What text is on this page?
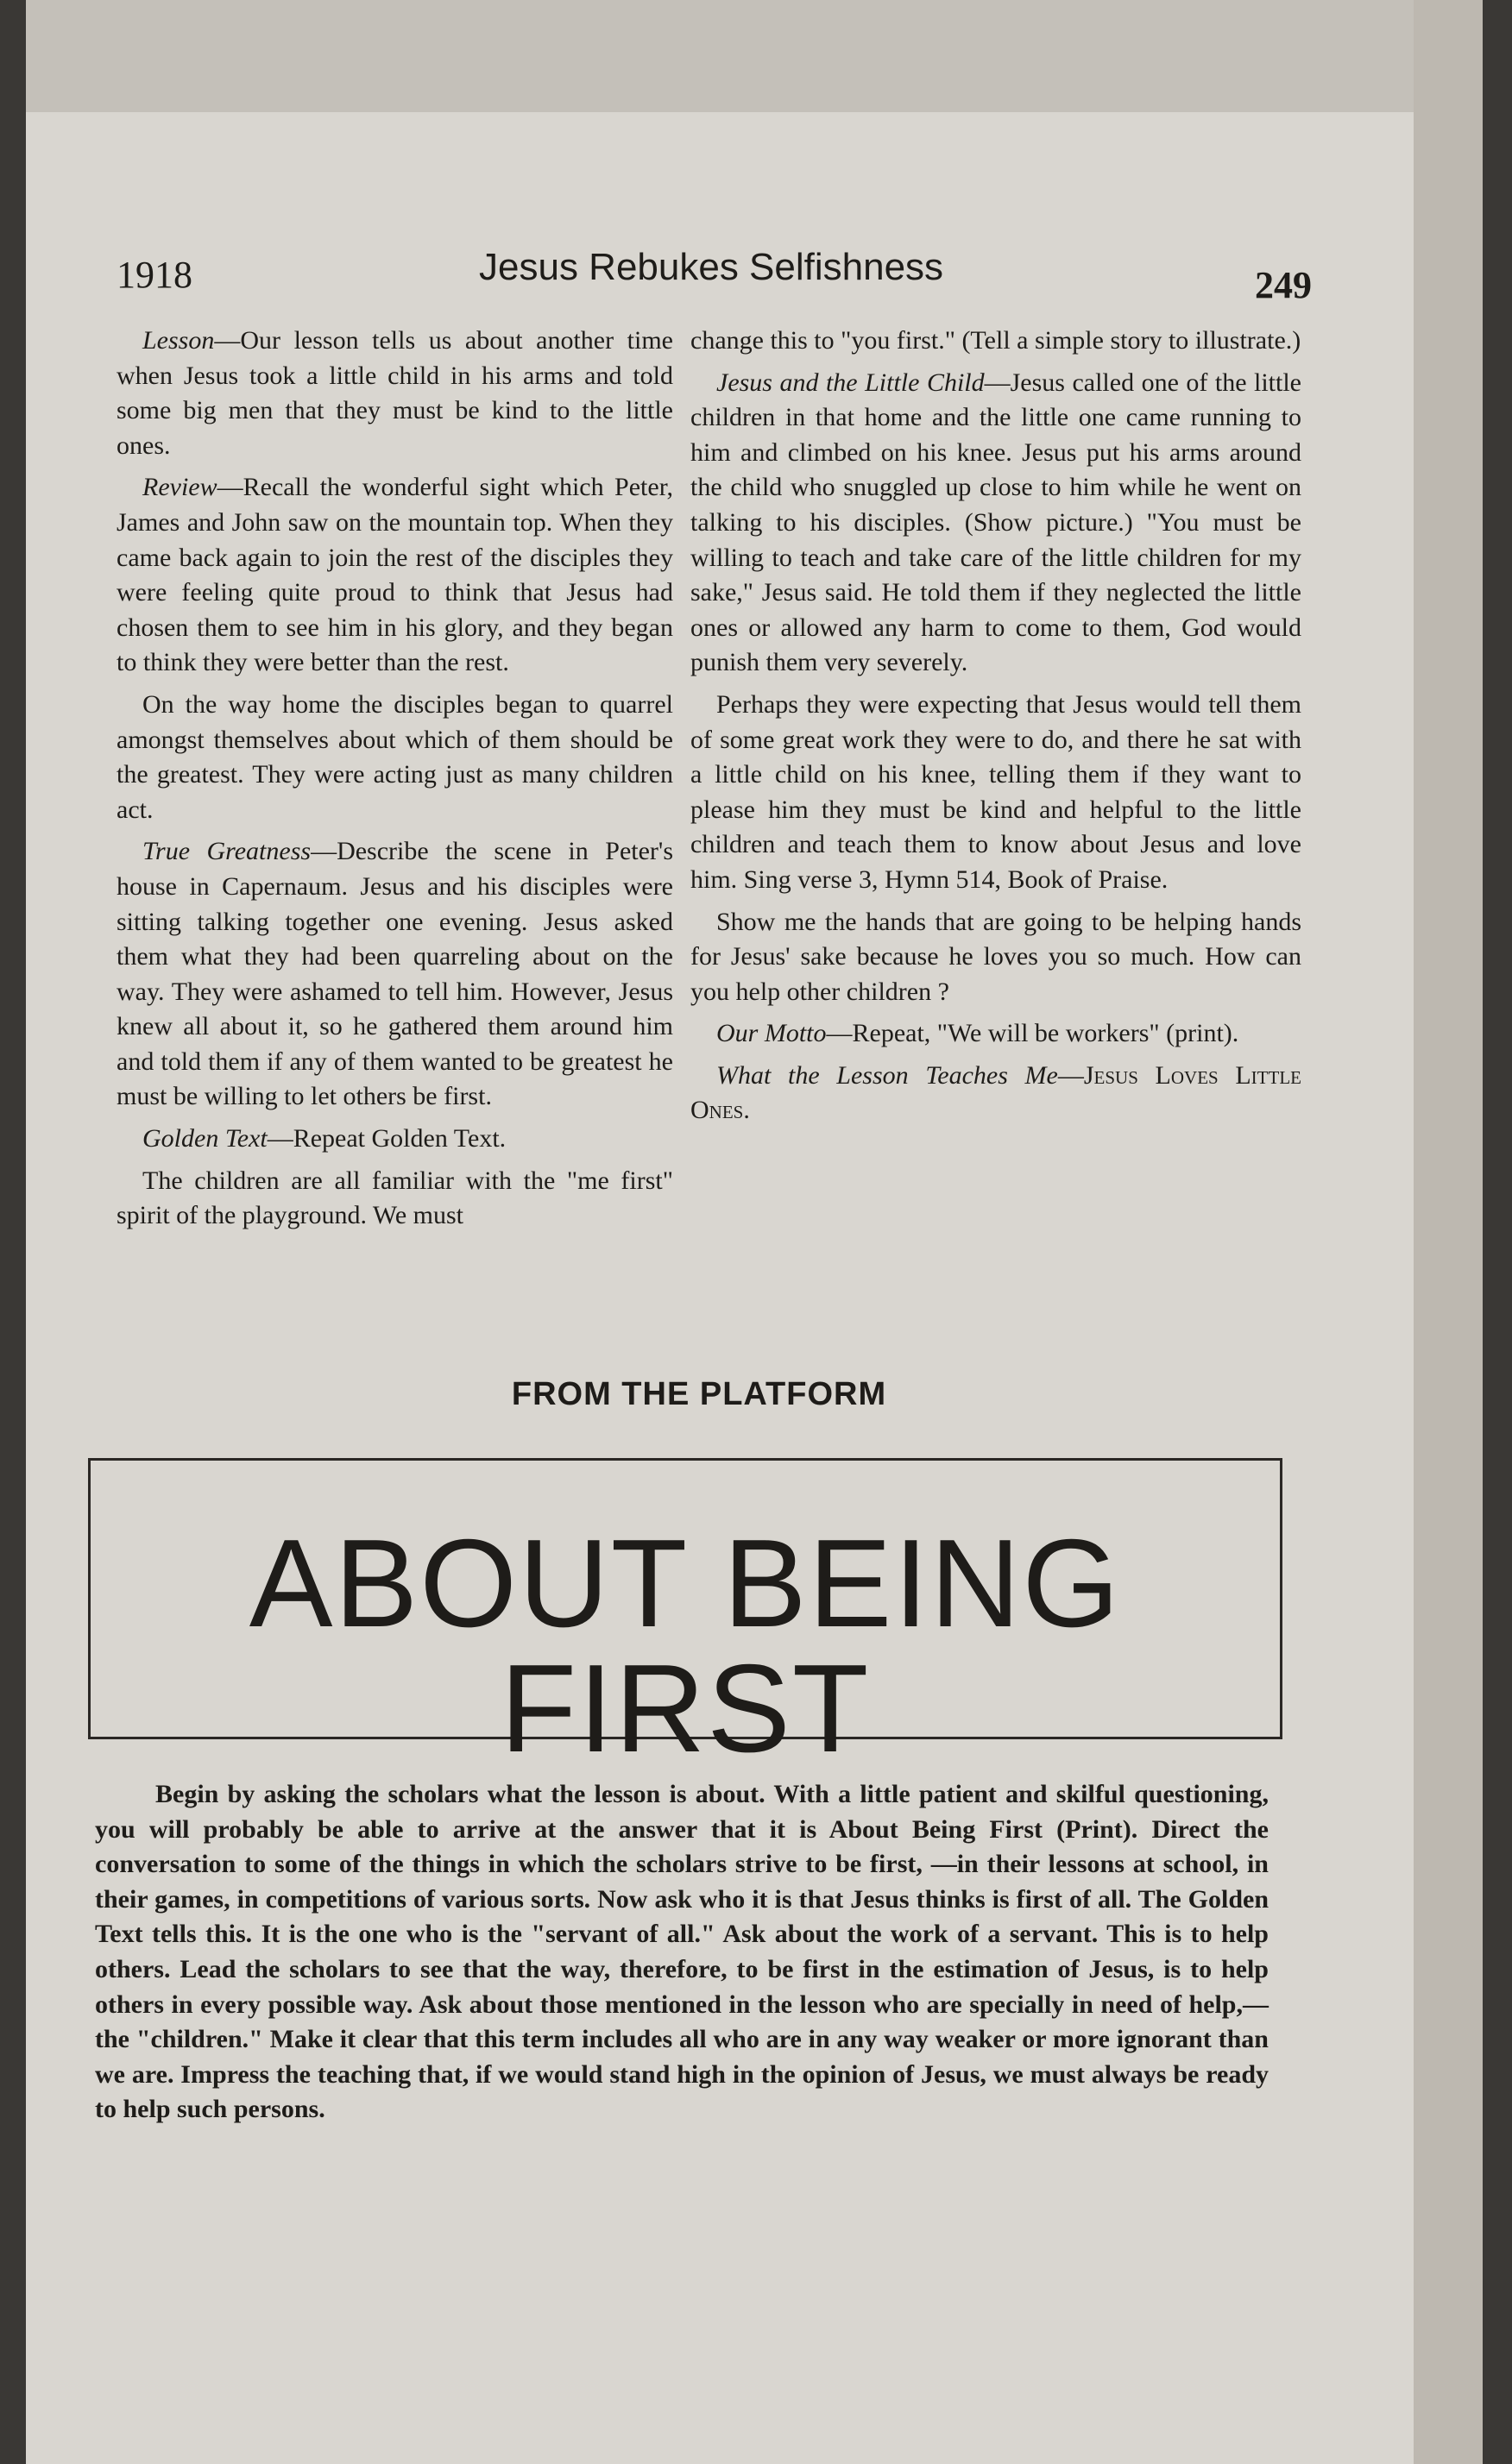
1918	Jesus Rebukes Selfishness	249

Lesson—Our lesson tells us about another time when Jesus took a little child in his arms and told some big men that they must be kind to the little ones.

Review—Recall the wonderful sight which Peter, James and John saw on the mountain top. When they came back again to join the rest of the disciples they were feeling quite proud to think that Jesus had chosen them to see him in his glory, and they began to think they were better than the rest.

On the way home the disciples began to quarrel amongst themselves about which of them should be the greatest. They were acting just as many children act.

True Greatness—Describe the scene in Peter's house in Capernaum. Jesus and his disciples were sitting talking together one evening. Jesus asked them what they had been quarreling about on the way. They were ashamed to tell him. However, Jesus knew all about it, so he gathered them around him and told them if any of them wanted to be greatest he must be willing to let others be first.

Golden Text—Repeat Golden Text.

The children are all familiar with the "me first" spirit of the playground. We must

change this to "you first." (Tell a simple story to illustrate.)

Jesus and the Little Child—Jesus called one of the little children in that home and the little one came running to him and climbed on his knee. Jesus put his arms around the child who snuggled up close to him while he went on talking to his disciples. (Show picture.) "You must be willing to teach and take care of the little children for my sake," Jesus said. He told them if they neglected the little ones or allowed any harm to come to them, God would punish them very severely.

Perhaps they were expecting that Jesus would tell them of some great work they were to do, and there he sat with a little child on his knee, telling them if they want to please him they must be kind and helpful to the little children and teach them to know about Jesus and love him. Sing verse 3, Hymn 514, Book of Praise.

Show me the hands that are going to be helping hands for Jesus' sake because he loves you so much. How can you help other children ?

Our Motto—Repeat, "We will be workers" (print).

What the Lesson Teaches Me—Jesus Loves Little Ones.

FROM THE PLATFORM
ABOUT BEING FIRST

Begin by asking the scholars what the lesson is about. With a little patient and skilful questioning, you will probably be able to arrive at the answer that it is About Being First (Print). Direct the conversation to some of the things in which the scholars strive to be first, —in their lessons at school, in their games, in competitions of various sorts. Now ask who it is that Jesus thinks is first of all. The Golden Text tells this. It is the one who is the "servant of all." Ask about the work of a servant. This is to help others. Lead the scholars to see that the way, therefore, to be first in the estimation of Jesus, is to help others in every possible way. Ask about those mentioned in the lesson who are specially in need of help,—the "children." Make it clear that this term includes all who are in any way weaker or more ignorant than we are. Impress the teaching that, if we would stand high in the opinion of Jesus, we must always be ready to help such persons.
